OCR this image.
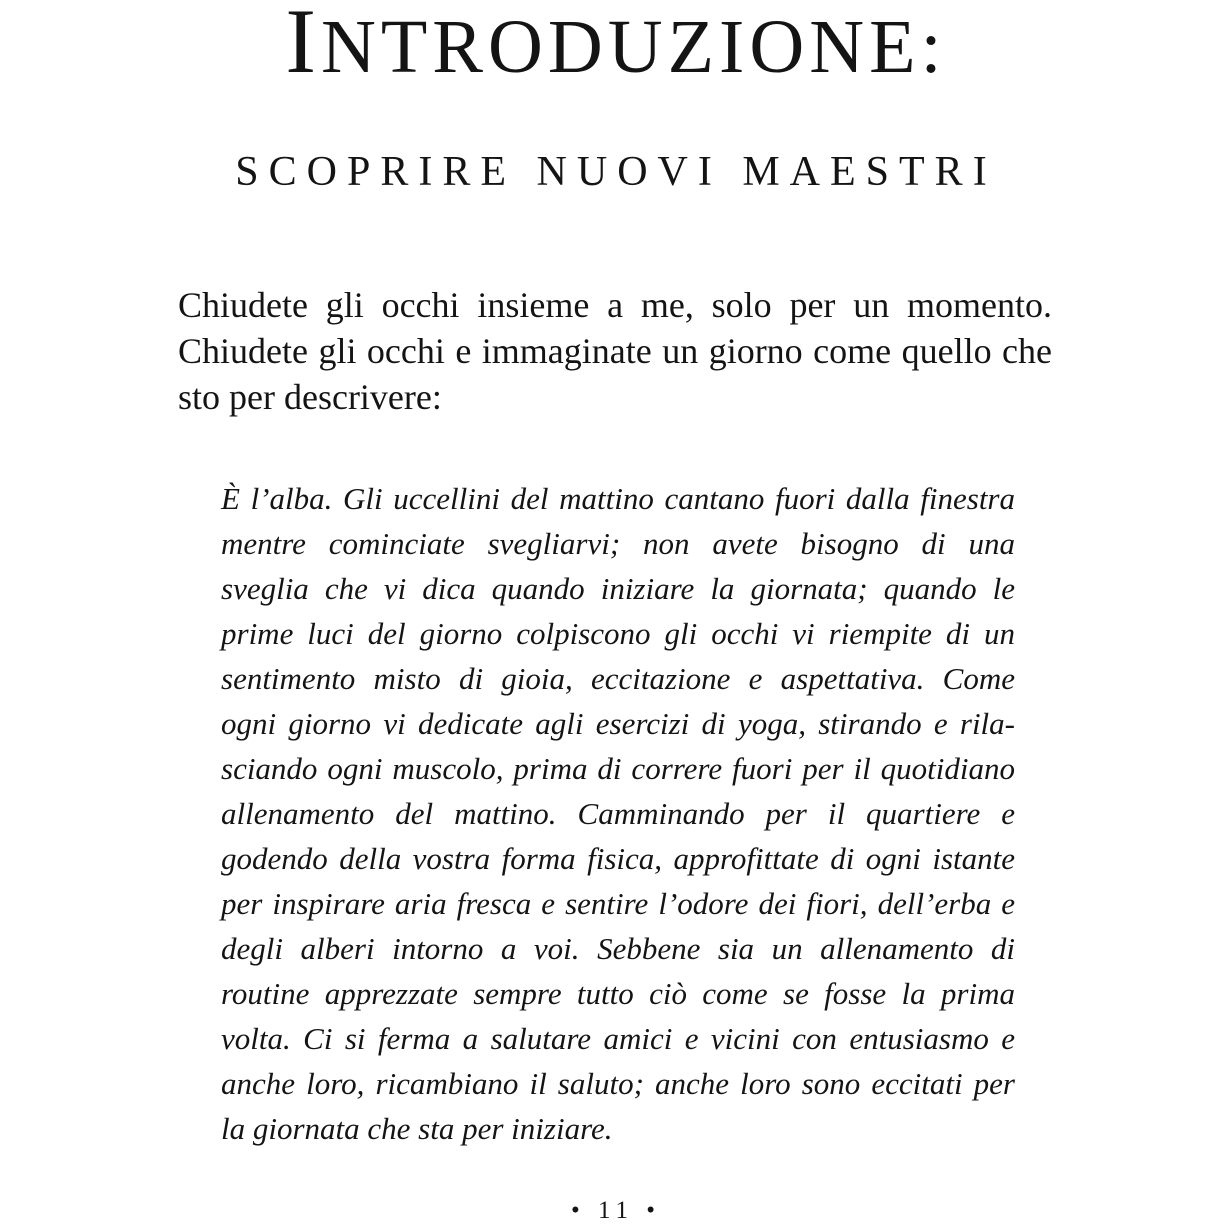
INTRODUZIONE:
SCOPRIRE NUOVI MAESTRI
Chiudete gli occhi insieme a me, solo per un momento.
Chiudete gli occhi e immaginate un giorno come quello che
sto per descrivere:
È l’alba. Gli uccellini del mattino cantano fuori dalla finestra
mentre cominciate svegliarvi; non avete bisogno di una
sveglia che vi dica quando iniziare la giornata; quando le
prime luci del giorno colpiscono gli occhi vi riempite di un
sentimento misto di gioia, eccitazione e aspettativa. Come
ogni giorno vi dedicate agli esercizi di yoga, stirando e rila-
sciando ogni muscolo, prima di correre fuori per il quotidiano
allenamento del mattino. Camminando per il quartiere e
godendo della vostra forma fisica, approfittate di ogni istante
per inspirare aria fresca e sentire l’odore dei fiori, dell’erba e
degli alberi intorno a voi. Sebbene sia un allenamento di
routine apprezzate sempre tutto ciò come se fosse la prima
volta. Ci si ferma a salutare amici e vicini con entusiasmo e
anche loro, ricambiano il saluto; anche loro sono eccitati per
la giornata che sta per iniziare.
• 11 •
